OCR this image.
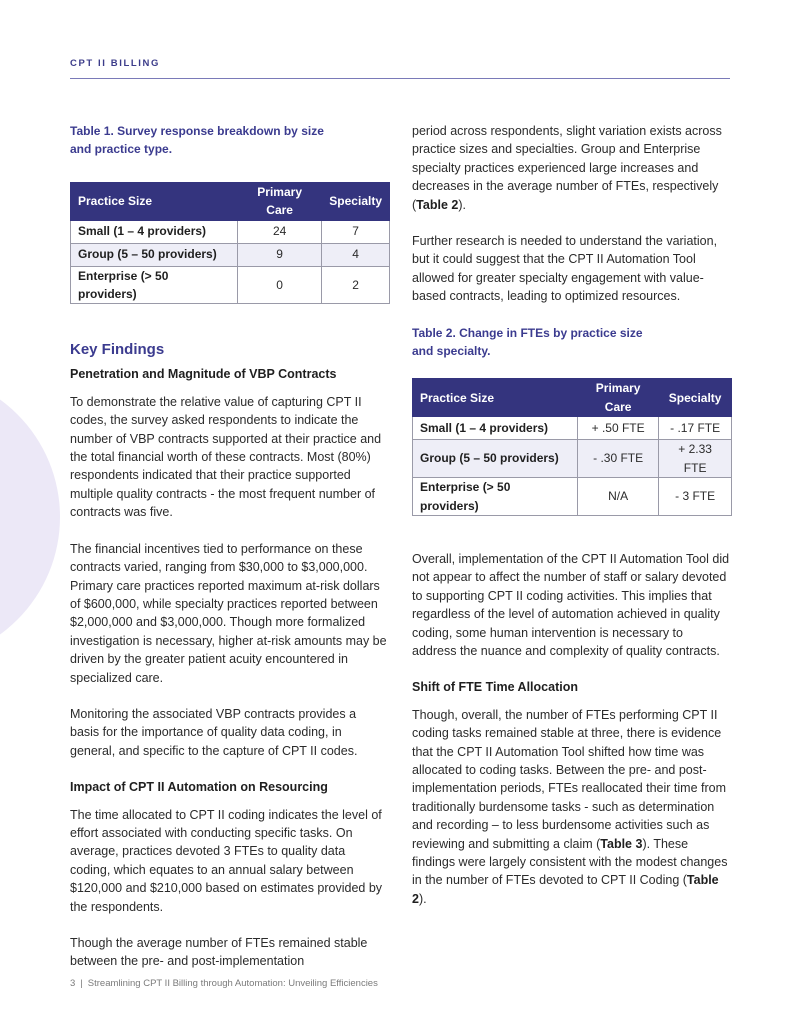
CPT II BILLING
Table 1. Survey response breakdown by size
and practice type.
Practice Size	Primary Care	Specialty
Small (1 – 4 providers)	24	7
Group (5 – 50 providers)	9	4
Enterprise (> 50 providers)	0	2
Key Findings
Penetration and Magnitude of VBP Contracts

To demonstrate the relative value of capturing CPT II codes, the survey asked respondents to indicate the number of VBP contracts supported at their practice and the total financial worth of these contracts. Most (80%) respondents indicated that their practice supported multiple quality contracts - the most frequent number of contracts was five.

The financial incentives tied to performance on these contracts varied, ranging from $30,000 to $3,000,000. Primary care practices reported maximum at-risk dollars of $600,000, while specialty practices reported between $2,000,000 and $3,000,000. Though more formalized investigation is necessary, higher at-risk amounts may be driven by the greater patient acuity encountered in specialized care.

Monitoring the associated VBP contracts provides a basis for the importance of quality data coding, in general, and specific to the capture of CPT II codes.

Impact of CPT II Automation on Resourcing

The time allocated to CPT II coding indicates the level of effort associated with conducting specific tasks. On average, practices devoted 3 FTEs to quality data coding, which equates to an annual salary between $120,000 and $210,000 based on estimates provided by the respondents.

Though the average number of FTEs remained stable between the pre- and post-implementation

period across respondents, slight variation exists across practice sizes and specialties. Group and Enterprise specialty practices experienced large increases and decreases in the average number of FTEs, respectively (Table 2).

Further research is needed to understand the variation, but it could suggest that the CPT II Automation Tool allowed for greater specialty engagement with value-based contracts, leading to optimized resources.

Table 2. Change in FTEs by practice size
and specialty.
Practice Size	Primary Care	Specialty
Small (1 – 4 providers)	+ .50 FTE	- .17 FTE
Group (5 – 50 providers)	- .30 FTE	+ 2.33 FTE
Enterprise (> 50 providers)	N/A	- 3 FTE

Overall, implementation of the CPT II Automation Tool did not appear to affect the number of staff or salary devoted to supporting CPT II coding activities. This implies that regardless of the level of automation achieved in quality coding, some human intervention is necessary to address the nuance and complexity of quality contracts.

Shift of FTE Time Allocation

Though, overall, the number of FTEs performing CPT II coding tasks remained stable at three, there is evidence that the CPT II Automation Tool shifted how time was allocated to coding tasks. Between the pre- and post-implementation periods, FTEs reallocated their time from traditionally burdensome tasks - such as determination and recording – to less burdensome activities such as reviewing and submitting a claim (Table 3). These findings were largely consistent with the modest changes in the number of FTEs devoted to CPT II Coding (Table 2).

3 | Streamlining CPT II Billing through Automation: Unveiling Efficiencies
